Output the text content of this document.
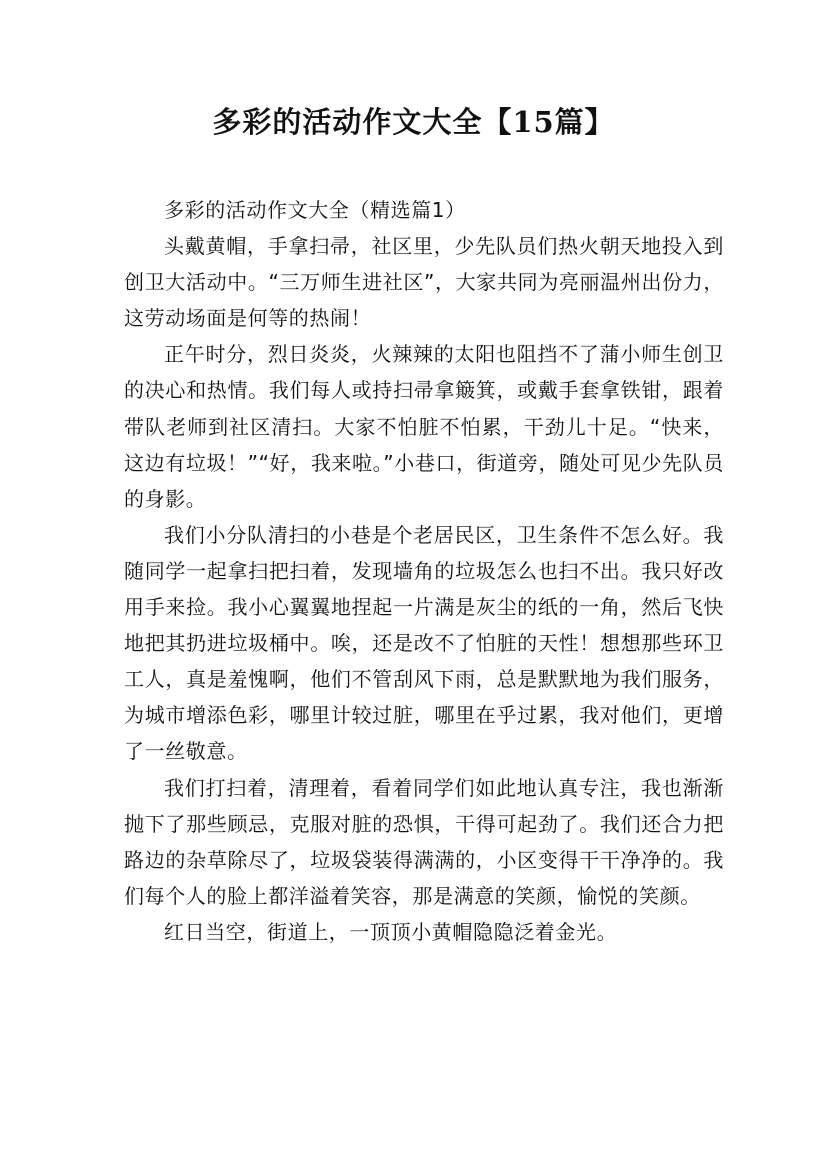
多彩的活动作文大全【15篇】

多彩的活动作文大全（精选篇1）

头戴黄帽，手拿扫帚，社区里，少先队员们热火朝天地投入到创卫大活动中。“三万师生进社区”，大家共同为亮丽温州出份力，这劳动场面是何等的热闹！

正午时分，烈日炎炎，火辣辣的太阳也阻挡不了蒲小师生创卫的决心和热情。我们每人或持扫帚拿簸箕，或戴手套拿铁钳，跟着带队老师到社区清扫。大家不怕脏不怕累，干劲儿十足。“快来，这边有垃圾！”“好，我来啦。”小巷口，街道旁，随处可见少先队员的身影。

我们小分队清扫的小巷是个老居民区，卫生条件不怎么好。我随同学一起拿扫把扫着，发现墙角的垃圾怎么也扫不出。我只好改用手来捡。我小心翼翼地捏起一片满是灰尘的纸的一角，然后飞快地把其扔进垃圾桶中。唉，还是改不了怕脏的天性！想想那些环卫工人，真是羞愧啊，他们不管刮风下雨，总是默默地为我们服务，为城市增添色彩，哪里计较过脏，哪里在乎过累，我对他们，更增了一丝敬意。

我们打扫着，清理着，看着同学们如此地认真专注，我也渐渐抛下了那些顾忌，克服对脏的恐惧，干得可起劲了。我们还合力把路边的杂草除尽了，垃圾袋装得满满的，小区变得干干净净的。我们每个人的脸上都洋溢着笑容，那是满意的笑颜，愉悦的笑颜。

红日当空，街道上，一顶顶小黄帽隐隐泛着金光。
